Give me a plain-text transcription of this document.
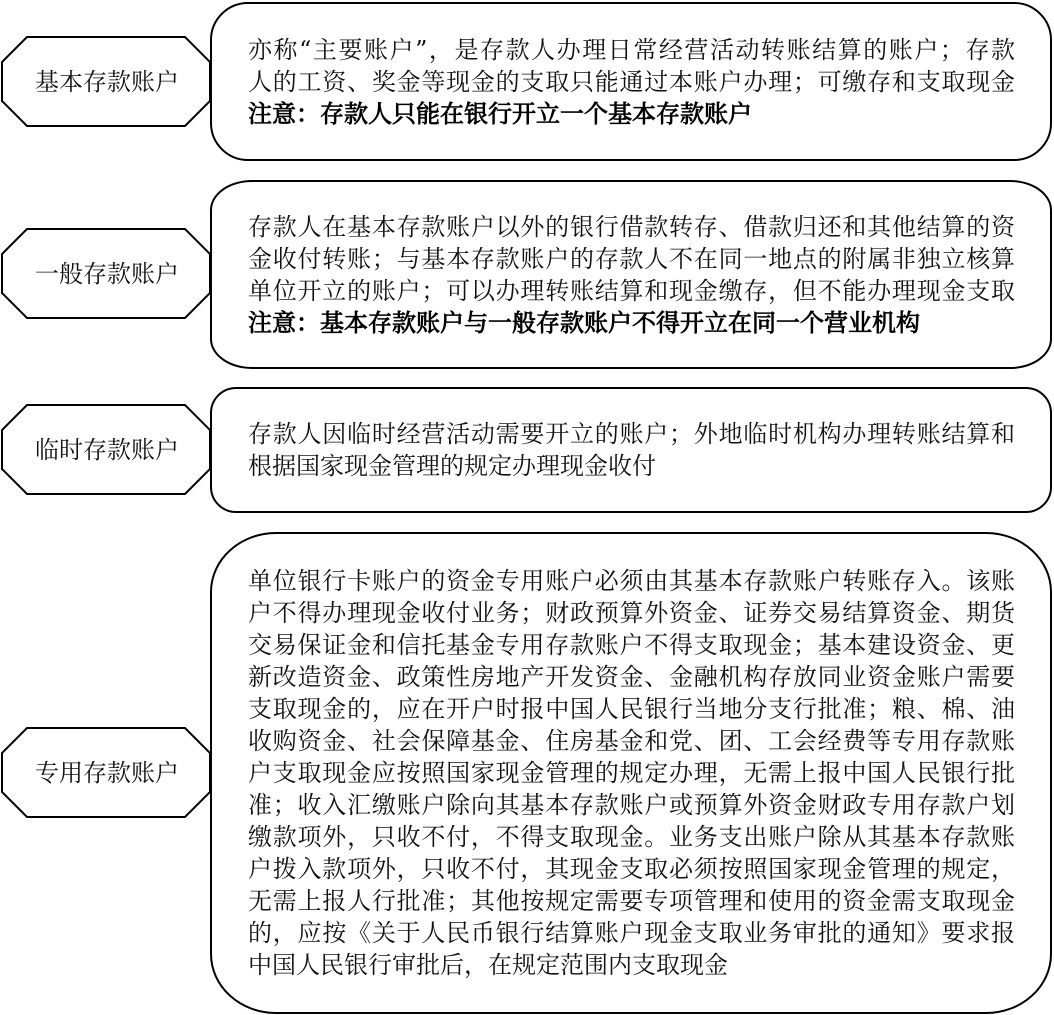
基本存款账户
亦称“主要账户”，是存款人办理日常经营活动转账结算的账户；存款
人的工资、奖金等现金的支取只能通过本账户办理；可缴存和支取现金
注意：存款人只能在银行开立一个基本存款账户
一般存款账户
存款人在基本存款账户以外的银行借款转存、借款归还和其他结算的资
金收付转账；与基本存款账户的存款人不在同一地点的附属非独立核算
单位开立的账户；可以办理转账结算和现金缴存，但不能办理现金支取
注意：基本存款账户与一般存款账户不得开立在同一个营业机构
临时存款账户
存款人因临时经营活动需要开立的账户；外地临时机构办理转账结算和
根据国家现金管理的规定办理现金收付
专用存款账户
单位银行卡账户的资金专用账户必须由其基本存款账户转账存入。该账
户不得办理现金收付业务；财政预算外资金、证券交易结算资金、期货
交易保证金和信托基金专用存款账户不得支取现金；基本建设资金、更
新改造资金、政策性房地产开发资金、金融机构存放同业资金账户需要
支取现金的，应在开户时报中国人民银行当地分支行批准；粮、棉、油
收购资金、社会保障基金、住房基金和党、团、工会经费等专用存款账
户支取现金应按照国家现金管理的规定办理，无需上报中国人民银行批
准；收入汇缴账户除向其基本存款账户或预算外资金财政专用存款户划
缴款项外，只收不付，不得支取现金。业务支出账户除从其基本存款账
户拨入款项外，只收不付，其现金支取必须按照国家现金管理的规定，
无需上报人行批准；其他按规定需要专项管理和使用的资金需支取现金
的，应按《关于人民币银行结算账户现金支取业务审批的通知》要求报
中国人民银行审批后，在规定范围内支取现金
